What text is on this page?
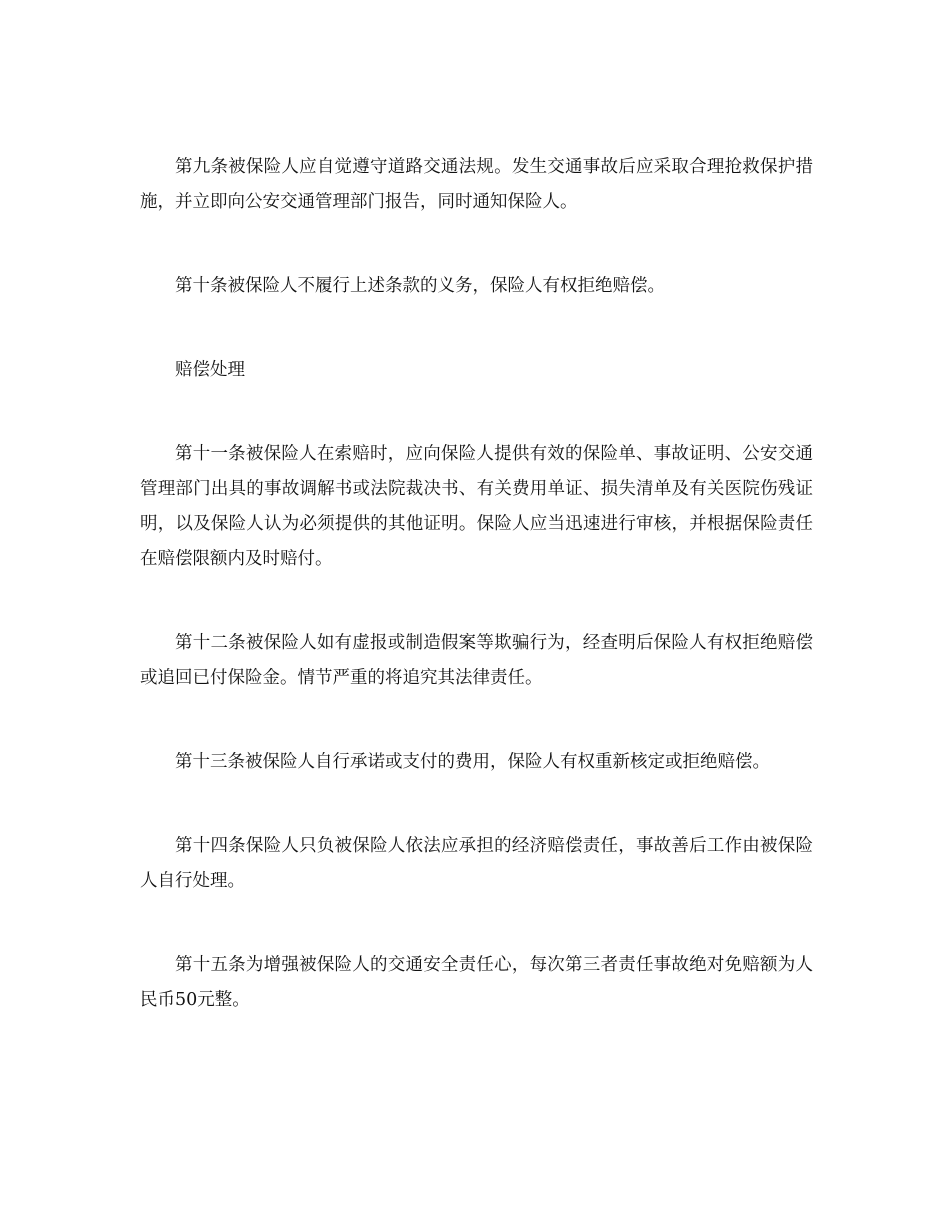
第九条被保险人应自觉遵守道路交通法规。发生交通事故后应采取合理抢救保护措施，并立即向公安交通管理部门报告，同时通知保险人。

第十条被保险人不履行上述条款的义务，保险人有权拒绝赔偿。

赔偿处理

第十一条被保险人在索赔时，应向保险人提供有效的保险单、事故证明、公安交通管理部门出具的事故调解书或法院裁决书、有关费用单证、损失清单及有关医院伤残证明，以及保险人认为必须提供的其他证明。保险人应当迅速进行审核，并根据保险责任在赔偿限额内及时赔付。

第十二条被保险人如有虚报或制造假案等欺骗行为，经查明后保险人有权拒绝赔偿或追回已付保险金。情节严重的将追究其法律责任。

第十三条被保险人自行承诺或支付的费用，保险人有权重新核定或拒绝赔偿。

第十四条保险人只负被保险人依法应承担的经济赔偿责任，事故善后工作由被保险人自行处理。

第十五条为增强被保险人的交通安全责任心，每次第三者责任事故绝对免赔额为人民币50元整。
